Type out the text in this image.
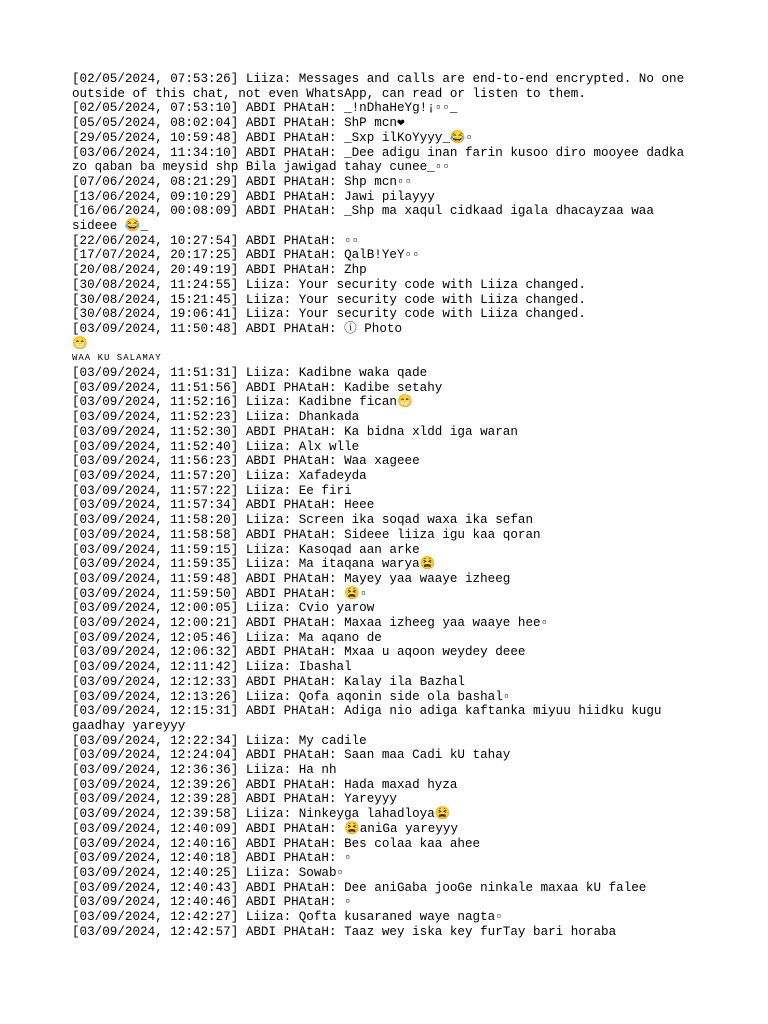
[02/05/2024, 07:53:26] Liiza: Messages and calls are end-to-end encrypted. No one outside of this chat, not even WhatsApp, can read or listen to them.
[02/05/2024, 07:53:10] ABDI PHAtaH: _!nDhaHeYg!¡▫▫_
[05/05/2024, 08:02:04] ABDI PHAtaH: ShP mcn❤
[29/05/2024, 10:59:48] ABDI PHAtaH: _Sxp ilKoYyyy_😂▫
[03/06/2024, 11:34:10] ABDI PHAtaH: _Dee adigu inan farin kusoo diro mooyee dadka zo qaban ba meysid shp Bila jawigad tahay cunee_▫▫
[07/06/2024, 08:21:29] ABDI PHAtaH: Shp mcn▫▫
[13/06/2024, 09:10:29] ABDI PHAtaH: Jawi pilayyy
[16/06/2024, 00:08:09] ABDI PHAtaH: _Shp ma xaqul cidkaad igala dhacayzaa waa sideee 😂_
[22/06/2024, 10:27:54] ABDI PHAtaH: ▫▫
[17/07/2024, 20:17:25] ABDI PHAtaH: QalB!YeY▫▫
[20/08/2024, 20:49:19] ABDI PHAtaH: Zhp
[30/08/2024, 11:24:55] Liiza: Your security code with Liiza changed.
[30/08/2024, 15:21:45] Liiza: Your security code with Liiza changed.
[30/08/2024, 19:06:41] Liiza: Your security code with Liiza changed.
[03/09/2024, 11:50:48] ABDI PHAtaH: ⓘ Photo
😁
WAA KU SALAMAY
[03/09/2024, 11:51:31] Liiza: Kadibne waka qade
[03/09/2024, 11:51:56] ABDI PHAtaH: Kadibe setahy
[03/09/2024, 11:52:16] Liiza: Kadibne fican😁
[03/09/2024, 11:52:23] Liiza: Dhankada
[03/09/2024, 11:52:30] ABDI PHAtaH: Ka bidna xldd iga waran
[03/09/2024, 11:52:40] Liiza: Alx wlle
[03/09/2024, 11:56:23] ABDI PHAtaH: Waa xageee
[03/09/2024, 11:57:20] Liiza: Xafadeyda
[03/09/2024, 11:57:22] Liiza: Ee firi
[03/09/2024, 11:57:34] ABDI PHAtaH: Heee
[03/09/2024, 11:58:20] Liiza: Screen ika soqad waxa ika sefan
[03/09/2024, 11:58:58] ABDI PHAtaH: Sideee liiza igu kaa qoran
[03/09/2024, 11:59:15] Liiza: Kasoqad aan arke
[03/09/2024, 11:59:35] Liiza: Ma itaqana warya😫
[03/09/2024, 11:59:48] ABDI PHAtaH: Mayey yaa waaye izheeg
[03/09/2024, 11:59:50] ABDI PHAtaH: 😫▫
[03/09/2024, 12:00:05] Liiza: Cvio yarow
[03/09/2024, 12:00:21] ABDI PHAtaH: Maxaa izheeg yaa waaye hee▫
[03/09/2024, 12:05:46] Liiza: Ma aqano de
[03/09/2024, 12:06:32] ABDI PHAtaH: Mxaa u aqoon weydey deee
[03/09/2024, 12:11:42] Liiza: Ibashal
[03/09/2024, 12:12:33] ABDI PHAtaH: Kalay ila Bazhal
[03/09/2024, 12:13:26] Liiza: Qofa aqonin side ola bashal▫
[03/09/2024, 12:15:31] ABDI PHAtaH: Adiga nio adiga kaftanka miyuu hiidku kugu gaadhay yareyyy
[03/09/2024, 12:22:34] Liiza: My cadile
[03/09/2024, 12:24:04] ABDI PHAtaH: Saan maa Cadi kU tahay
[03/09/2024, 12:36:36] Liiza: Ha nh
[03/09/2024, 12:39:26] ABDI PHAtaH: Hada maxad hyza
[03/09/2024, 12:39:28] ABDI PHAtaH: Yareyyy
[03/09/2024, 12:39:58] Liiza: Ninkeyga lahadloya😫
[03/09/2024, 12:40:09] ABDI PHAtaH: 😫aniGa yareyyy
[03/09/2024, 12:40:16] ABDI PHAtaH: Bes colaa kaa ahee
[03/09/2024, 12:40:18] ABDI PHAtaH: ▫
[03/09/2024, 12:40:25] Liiza: Sowab▫
[03/09/2024, 12:40:43] ABDI PHAtaH: Dee aniGaba jooGe ninkale maxaa kU falee
[03/09/2024, 12:40:46] ABDI PHAtaH: ▫
[03/09/2024, 12:42:27] Liiza: Qofta kusaraned waye nagta▫
[03/09/2024, 12:42:57] ABDI PHAtaH: Taaz wey iska key furTay bari horaba
